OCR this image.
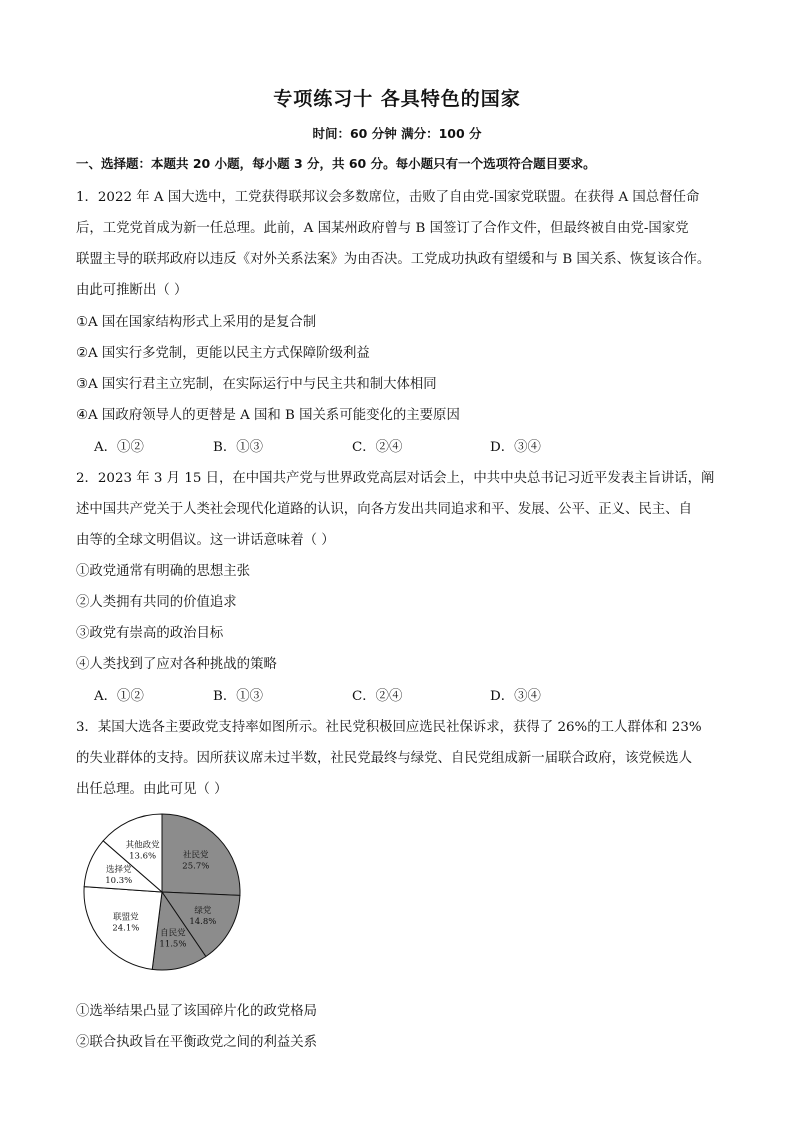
专项练习十 各具特色的国家
时间：60 分钟 满分：100 分
一、选择题：本题共 20 小题，每小题 3 分，共 60 分。每小题只有一个选项符合题目要求。
1．2022 年 A 国大选中，工党获得联邦议会多数席位，击败了自由党-国家党联盟。在获得 A 国总督任命
后，工党党首成为新一任总理。此前，A 国某州政府曾与 B 国签订了合作文件，但最终被自由党-国家党
联盟主导的联邦政府以违反《对外关系法案》为由否决。工党成功执政有望缓和与 B 国关系、恢复该合作。
由此可推断出（ ）
①A 国在国家结构形式上采用的是复合制
②A 国实行多党制，更能以民主方式保障阶级利益
③A 国实行君主立宪制，在实际运行中与民主共和制大体相同
④A 国政府领导人的更替是 A 国和 B 国关系可能变化的主要原因
A．①②	B．①③	C．②④	D．③④
2．2023 年 3 月 15 日，在中国共产党与世界政党高层对话会上，中共中央总书记习近平发表主旨讲话，阐
述中国共产党关于人类社会现代化道路的认识，向各方发出共同追求和平、发展、公平、正义、民主、自
由等的全球文明倡议。这一讲话意味着（ ）
①政党通常有明确的思想主张
②人类拥有共同的价值追求
③政党有崇高的政治目标
④人类找到了应对各种挑战的策略
A．①②	B．①③	C．②④	D．③④
3．某国大选各主要政党支持率如图所示。社民党积极回应选民社保诉求，获得了 26%的工人群体和 23%
的失业群体的支持。因所获议席未过半数，社民党最终与绿党、自民党组成新一届联合政府，该党候选人
出任总理。由此可见（ ）
社民党
25.7%
绿党
14.8%
自民党
11.5%
联盟党
24.1%
选择党
10.3%
其他政党
13.6%
①选举结果凸显了该国碎片化的政党格局
②联合执政旨在平衡政党之间的利益关系
